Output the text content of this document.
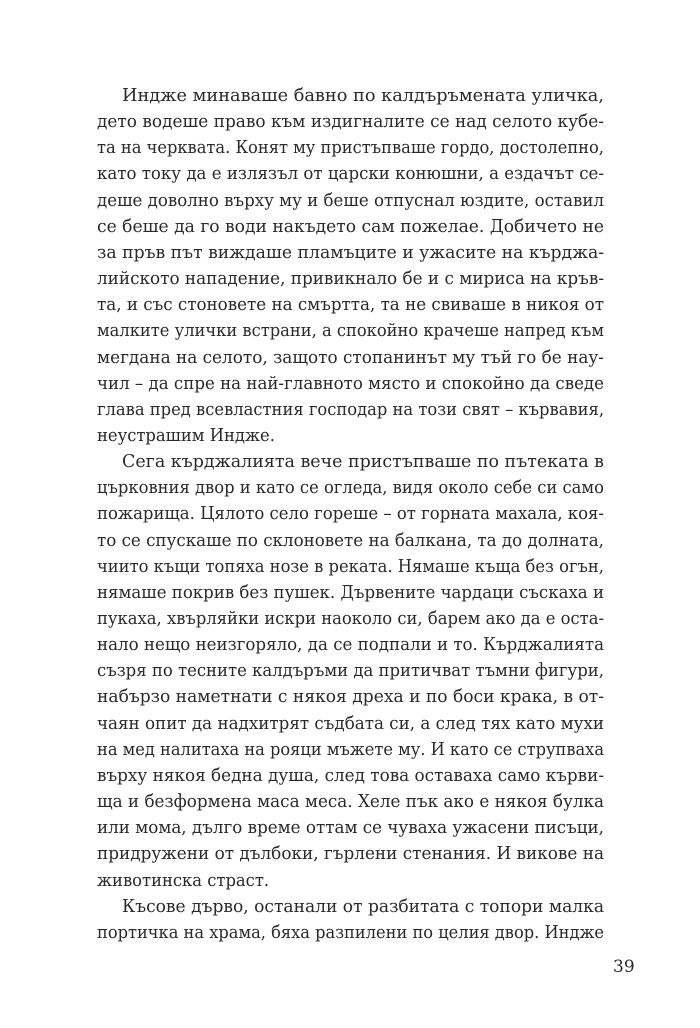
Индже минаваше бавно по калдъръмената уличка,
дето водеше право към издигналите се над селото кубе-
та на черквата. Конят му пристъпваше гордо, достолепно,
като току да е излязъл от царски конюшни, а ездачът се-
деше доволно върху му и беше отпуснал юздите, оставил
се беше да го води накъдето сам пожелае. Добичето не
за пръв път виждаше пламъците и ужасите на кърджа-
лийското нападение, привикнало бе и с мириса на кръв-
та, и със стоновете на смъртта, та не свиваше в никоя от
малките улички встрани, а спокойно крачеше напред към
мегдана на селото, защото стопанинът му тъй го бе нау-
чил – да спре на най-главното място и спокойно да сведе
глава пред всевластния господар на този свят – кървавия,
неустрашим Индже.
Сега кърджалията вече пристъпваше по пътеката в
църковния двор и като се огледа, видя около себе си само
пожарища. Цялото село гореше – от горната махала, коя-
то се спускаше по склоновете на балкана, та до долната,
чиито къщи топяха нозе в реката. Нямаше къща без огън,
нямаше покрив без пушек. Дървените чардаци съскаха и
пукаха, хвърляйки искри наоколо си, барем ако да е оста-
нало нещо неизгоряло, да се подпали и то. Кърджалията
съзря по тесните калдъръми да притичват тъмни фигури,
набързо наметнати с някоя дреха и по боси крака, в от-
чаян опит да надхитрят съдбата си, а след тях като мухи
на мед налитаха на рояци мъжете му. И като се струпваха
върху някоя бедна душа, след това оставаха само кърви-
ща и безформена маса меса. Хеле пък ако е някоя булка
или мома, дълго време оттам се чуваха ужасени писъци,
придружени от дълбоки, гърлени стенания. И викове на
животинска страст.
Късове дърво, останали от разбитата с топори малка
портичка на храма, бяха разпилени по целия двор. Индже
39
